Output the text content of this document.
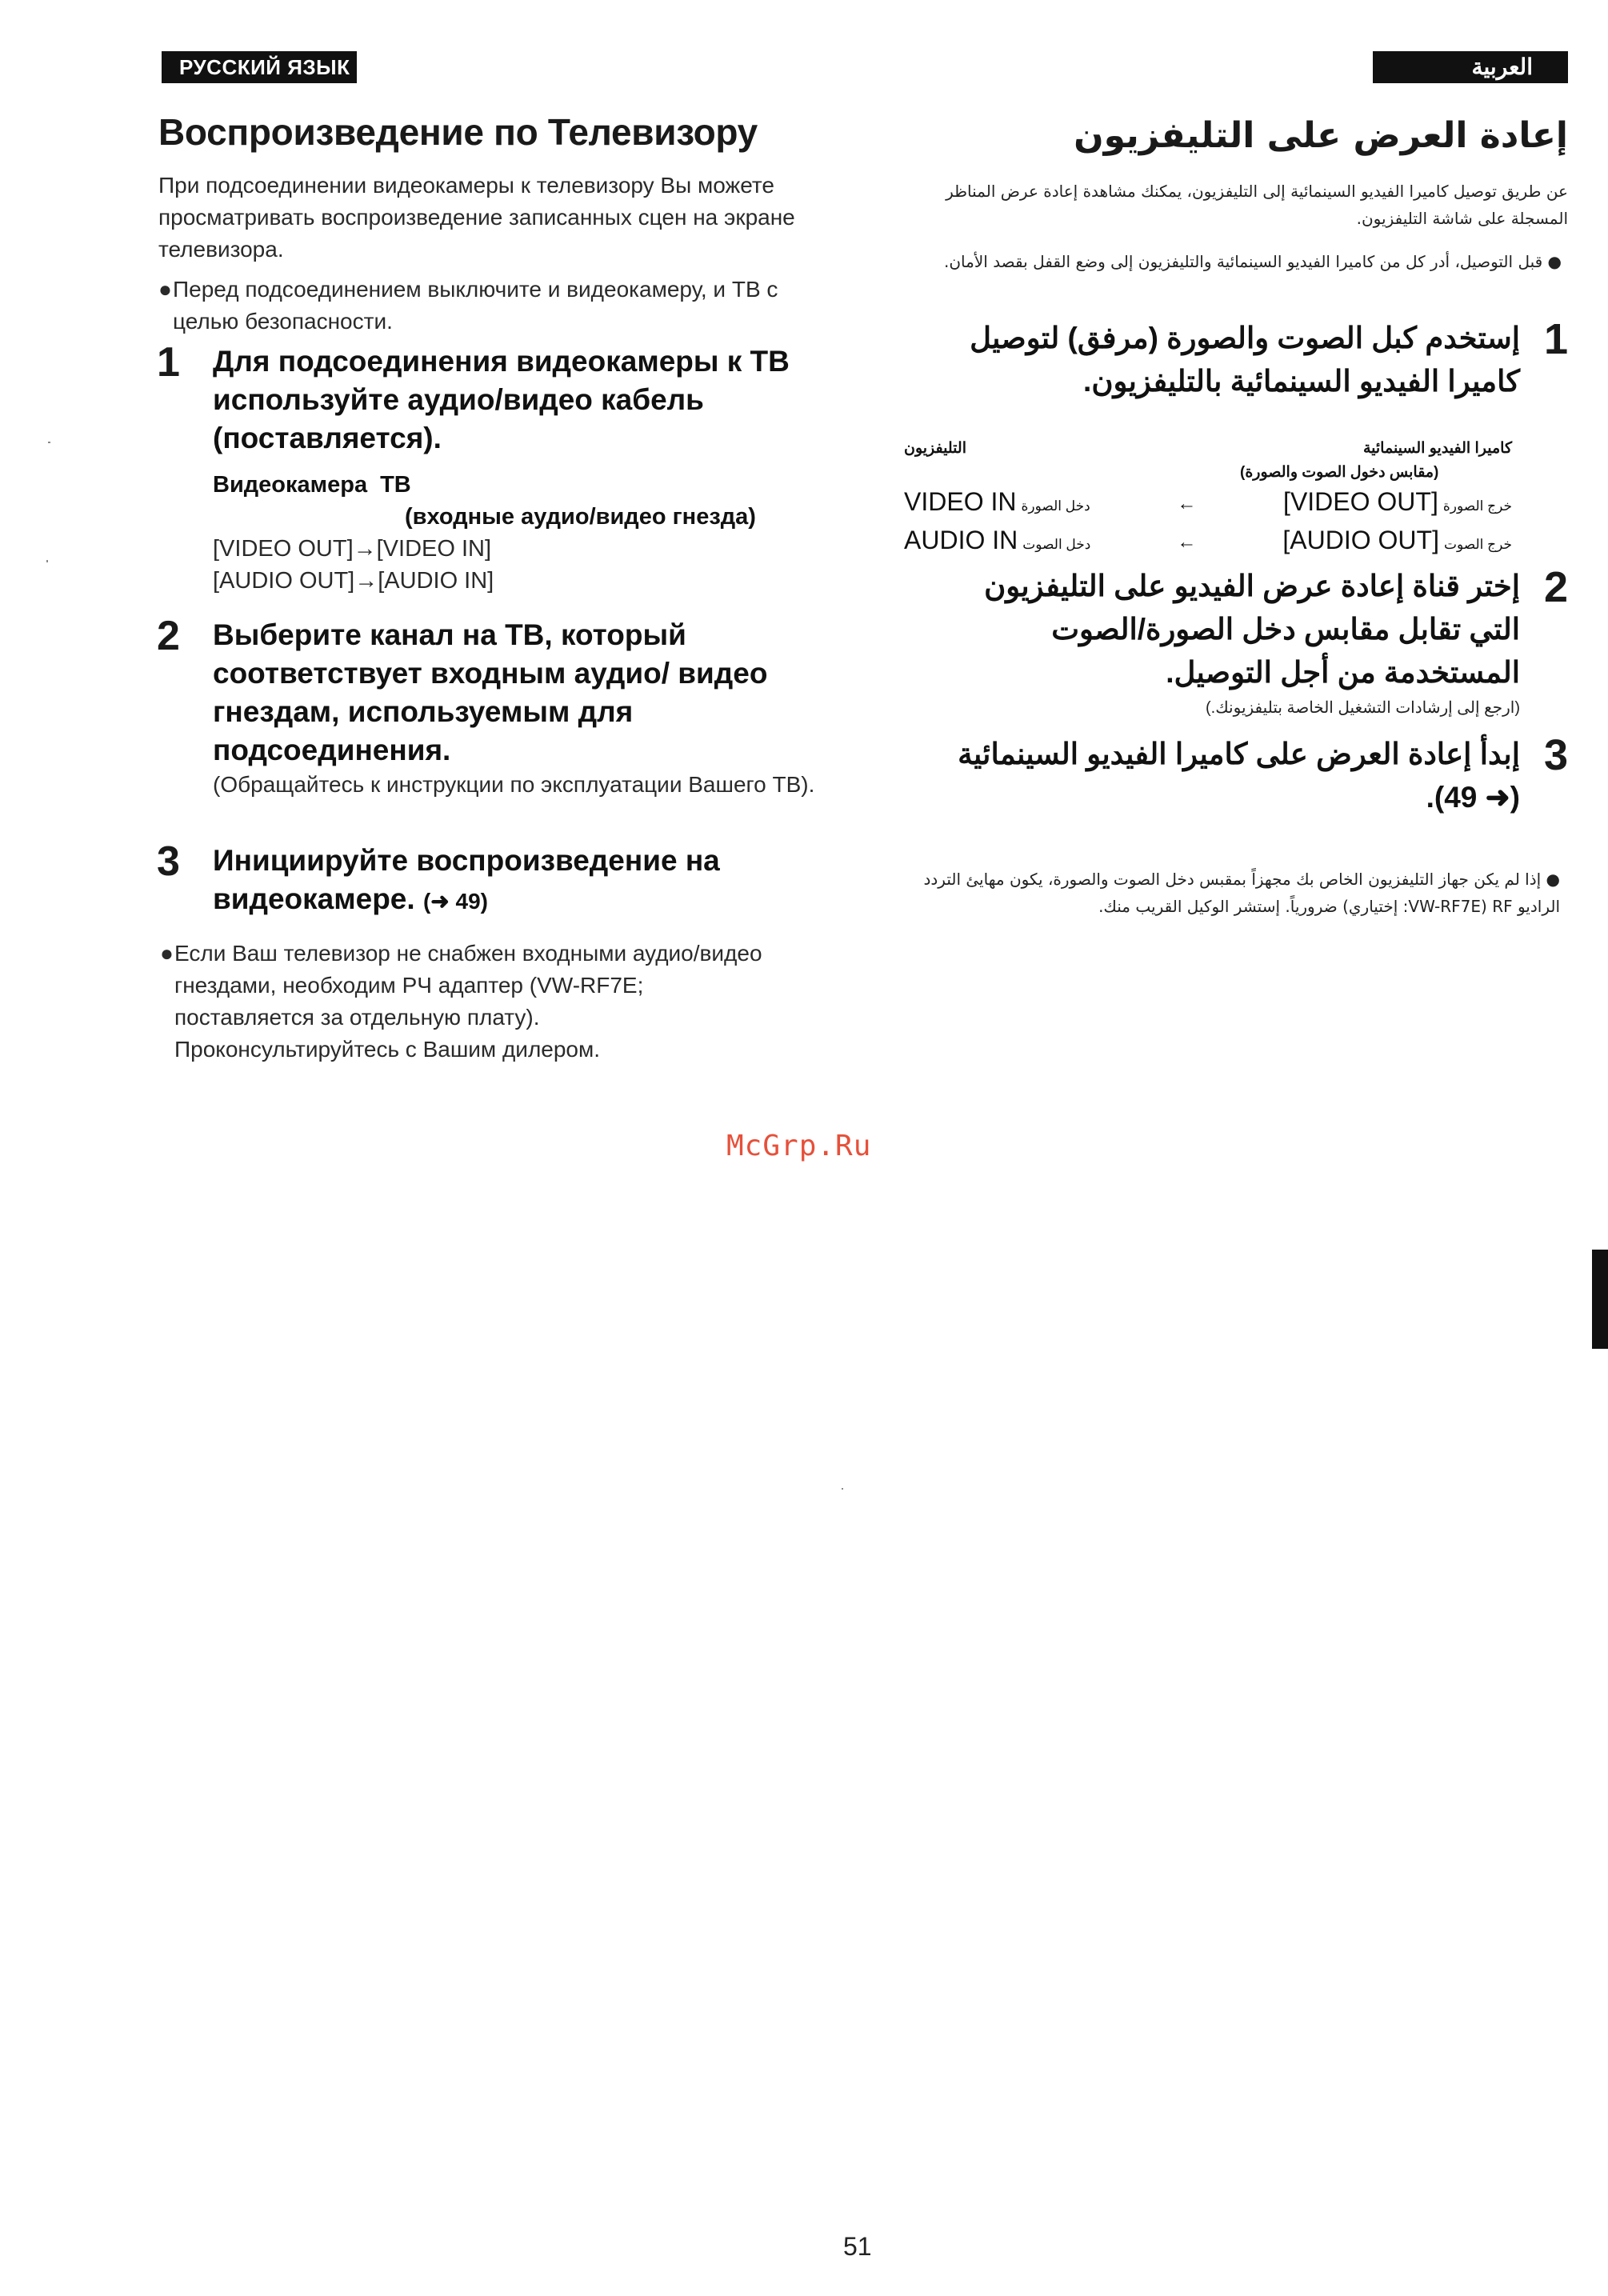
РУССКИЙ ЯЗЫК	العربية
Воспроизведение по Телевизору
При подсоединении видеокамеры к телевизору Вы можете просматривать воспроизведение записанных сцен на экране телевизора.
● Перед подсоединением выключите и видеокамеру, и ТВ с целью безопасности.
1	Для подсоединения видеокамеры к ТВ используйте аудио/видео кабель (поставляется).
Видеокамера ТВ
(входные аудио/видео гнезда)
[VIDEO OUT]→[VIDEO IN]
[AUDIO OUT]→[AUDIO IN]
2	Выберите канал на ТВ, который соответствует входным аудио/ видео гнездам, используемым для подсоединения.
(Обращайтесь к инструкции по эксплуатации Вашего ТВ).
3	Инициируйте воспроизведение на видеокамере. (➜ 49)
● Если Ваш телевизор не снабжен входными аудио/видео гнездами, необходим РЧ адаптер (VW-RF7E; поставляется за отдельную плату). Проконсультируйтесь с Вашим дилером.
إعادة العرض على التليفزيون
عن طريق توصيل كاميرا الفيديو السينمائية إلى التليفزيون، يمكنك مشاهدة إعادة عرض المناظر المسجلة على شاشة التليفزيون.
● قبل التوصيل، أدر كل من كاميرا الفيديو السينمائية والتليفزيون إلى وضع القفل بقصد الأمان.
1
إستخدم كبل الصوت والصورة (مرفق) لتوصيل كاميرا الفيديو السينمائية بالتليفزيون.
كاميرا الفيديو السينمائية
التليفزيون
(مقابس دخول الصوت والصورة)
VIDEO IN دخل الصورة	←	[VIDEO OUT] خرج الصورة
AUDIO IN دخل الصوت	←	[AUDIO OUT] خرج الصوت
2
إختر قناة إعادة عرض الفيديو على التليفزيون التي تقابل مقابس دخل الصورة/الصوت المستخدمة من أجل التوصيل.
(ارجع إلى إرشادات التشغيل الخاصة بتليفزيونك.)
3
إبدأ إعادة العرض على كاميرا الفيديو السينمائية (➜ 49).
● إذا لم يكن جهاز التليفزيون الخاص بك مجهزاً بمقبس دخل الصوت والصورة، يكون مهايئ التردد الراديو RF (VW-RF7E: إختياري) ضرورياً. إستشر الوكيل القريب منك.
McGrp.Ru
51
